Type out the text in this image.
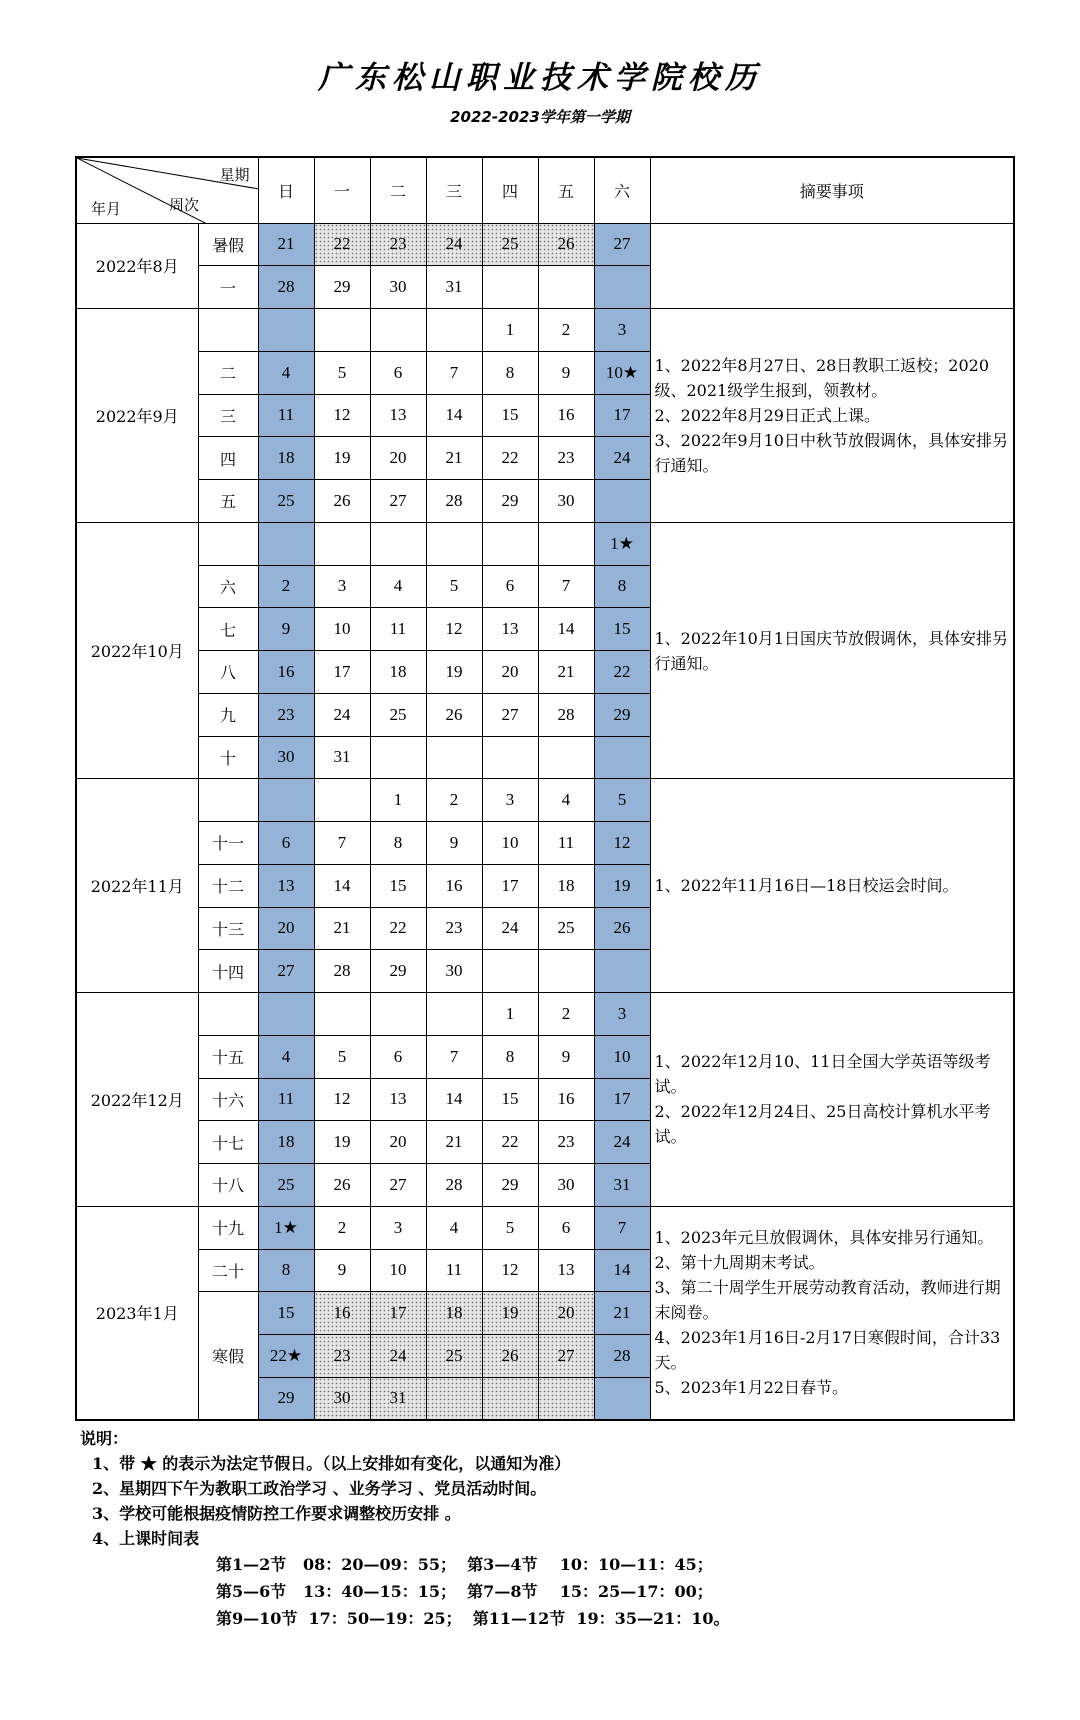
广东松山职业技术学院校历
2022-2023学年第一学期
星期
周次
年月		日	一	二	三	四	五	六	摘要事项
2022年8月	暑假	21	22	23	24	25	26	27	

	一	28	29	30	31				
2022年9月						1	2	3	1、2022年8月27日、28日教职工返校；2020级、2021级学生报到，领教材。
2、2022年8月29日正式上课。
3、2022年9月10日中秋节放假调休，具体安排另行通知。

	二	4	5	6	7	8	9	10★	
	三	11	12	13	14	15	16	17	
	四	18	19	20	21	22	23	24	
	五	25	26	27	28	29	30		
2022年10月								1★	1、2022年10月1日国庆节放假调休，具体安排另行通知。

	六	2	3	4	5	6	7	8	
	七	9	10	11	12	13	14	15	
	八	16	17	18	19	20	21	22	
	九	23	24	25	26	27	28	29	
	十	30	31						
2022年11月				1	2	3	4	5	1、2022年11月16日—18日校运会时间。

	十一	6	7	8	9	10	11	12	
	十二	13	14	15	16	17	18	19	
	十三	20	21	22	23	24	25	26	
	十四	27	28	29	30				
2022年12月						1	2	3	1、2022年12月10、11日全国大学英语等级考试。
2、2022年12月24日、25日高校计算机水平考试。

	十五	4	5	6	7	8	9	10	
	十六	11	12	13	14	15	16	17	
	十七	18	19	20	21	22	23	24	
	十八	25	26	27	28	29	30	31	
2023年1月	十九	1★	2	3	4	5	6	7	1、2023年元旦放假调休，具体安排另行通知。
2、第十九周期末考试。
3、第二十周学生开展劳动教育活动，教师进行期末阅卷。
4、2023年1月16日-2月17日寒假时间，合计33天。
5、2023年1月22日春节。

	二十	8	9	10	11	12	13	14	
	寒假	15	16	17	18	19	20	21	
		22★	23	24	25	26	27	28	
		29	30	31					
说明：
1、带 ★ 的表示为法定节假日。（以上安排如有变化，以通知为准）
2、星期四下午为教职工政治学习 、业务学习 、党员活动时间。
3、学校可能根据疫情防控工作要求调整校历安排 。
4、上课时间表
第1—2节   08：20—09：55；  第3—4节    10：10—11：45；
第5—6节   13：40—15：15；  第7—8节    15：25—17：00；
第9—10节  17：50—19：25；  第11—12节  19：35—21：10。
